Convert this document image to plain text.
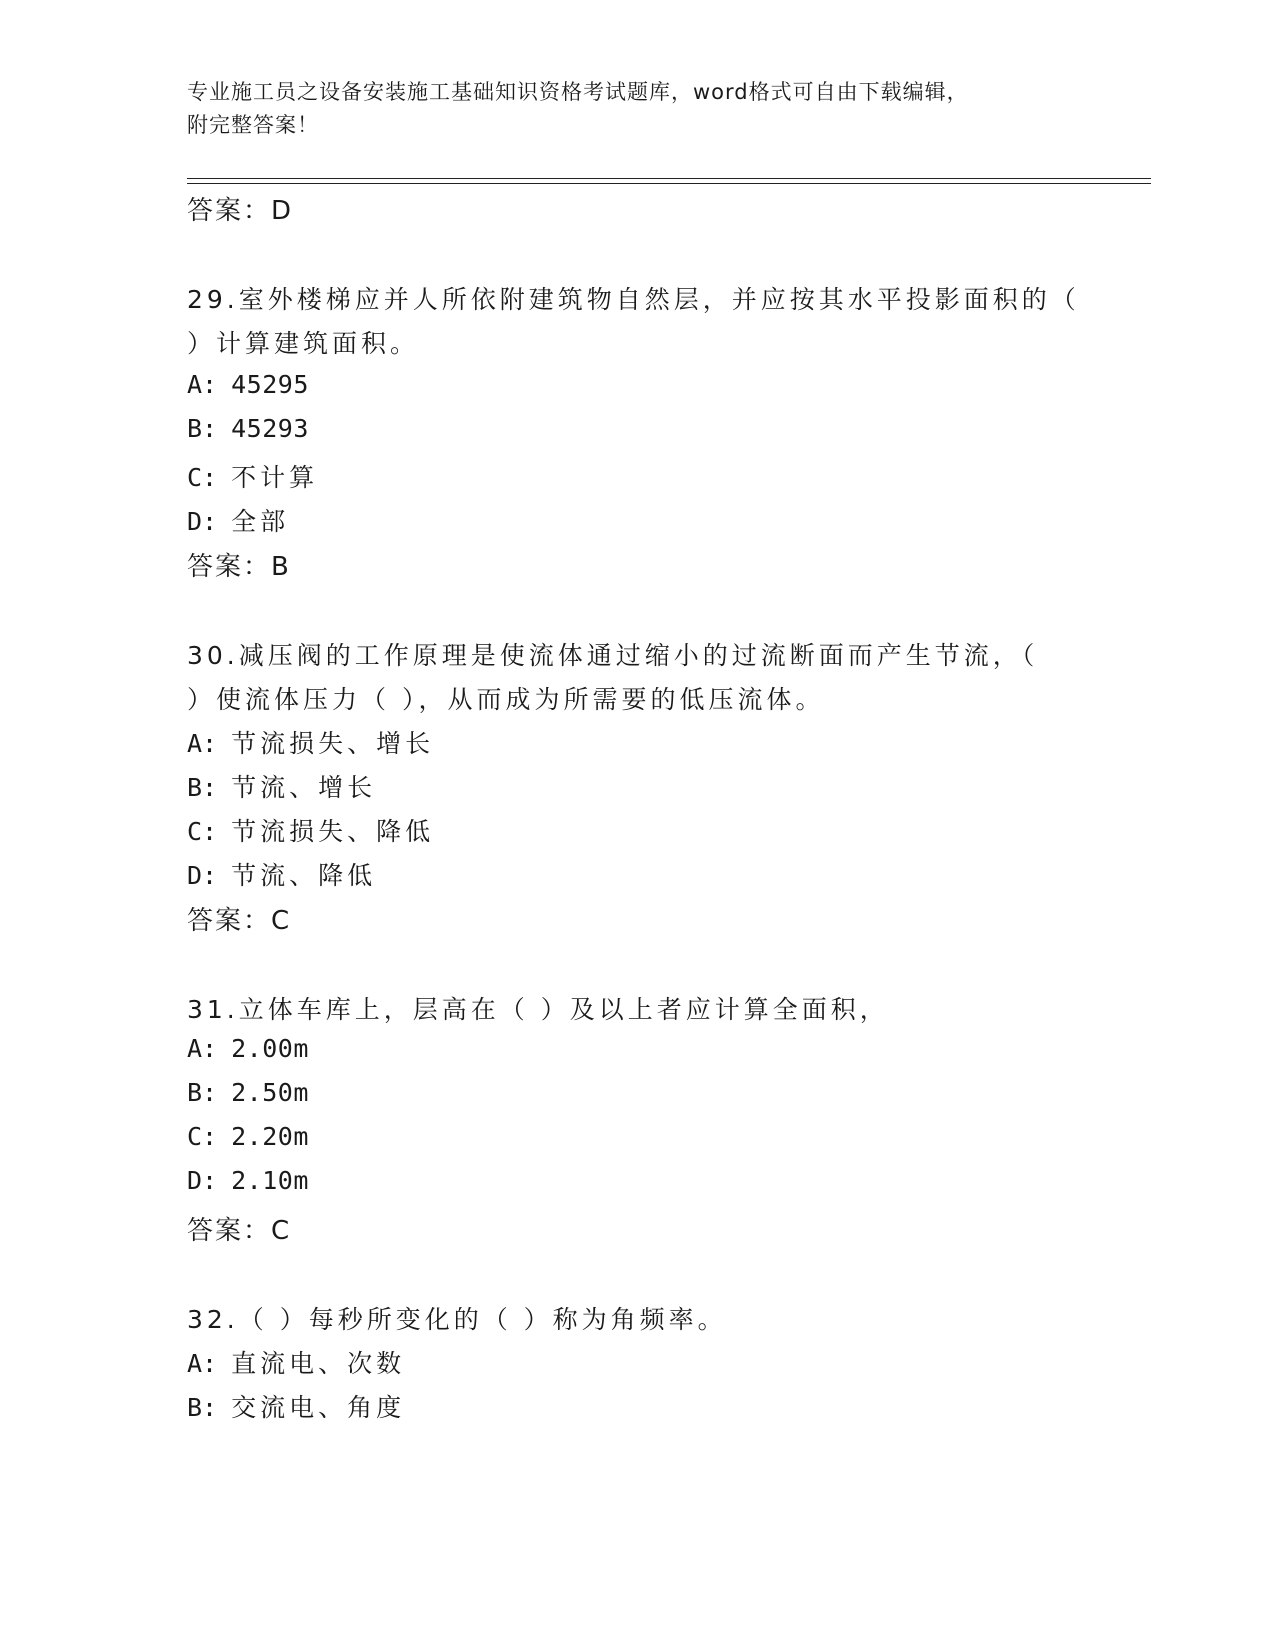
专业施工员之设备安装施工基础知识资格考试题库，word格式可自由下载编辑，
附完整答案！
答案：D
29.室外楼梯应并人所依附建筑物自然层，并应按其水平投影面积的（
）计算建筑面积。
A: 45295
B: 45293
C: 不计算
D: 全部
答案：B
30.减压阀的工作原理是使流体通过缩小的过流断面而产生节流，（
）使流体压力（ ），从而成为所需要的低压流体。
A: 节流损失、增长
B: 节流、增长
C: 节流损失、降低
D: 节流、降低
答案：C
31.立体车库上，层高在（ ）及以上者应计算全面积，
A: 2.00m
B: 2.50m
C: 2.20m
D: 2.10m
答案：C
32.（ ）每秒所变化的（ ）称为角频率。
A: 直流电、次数
B: 交流电、角度
